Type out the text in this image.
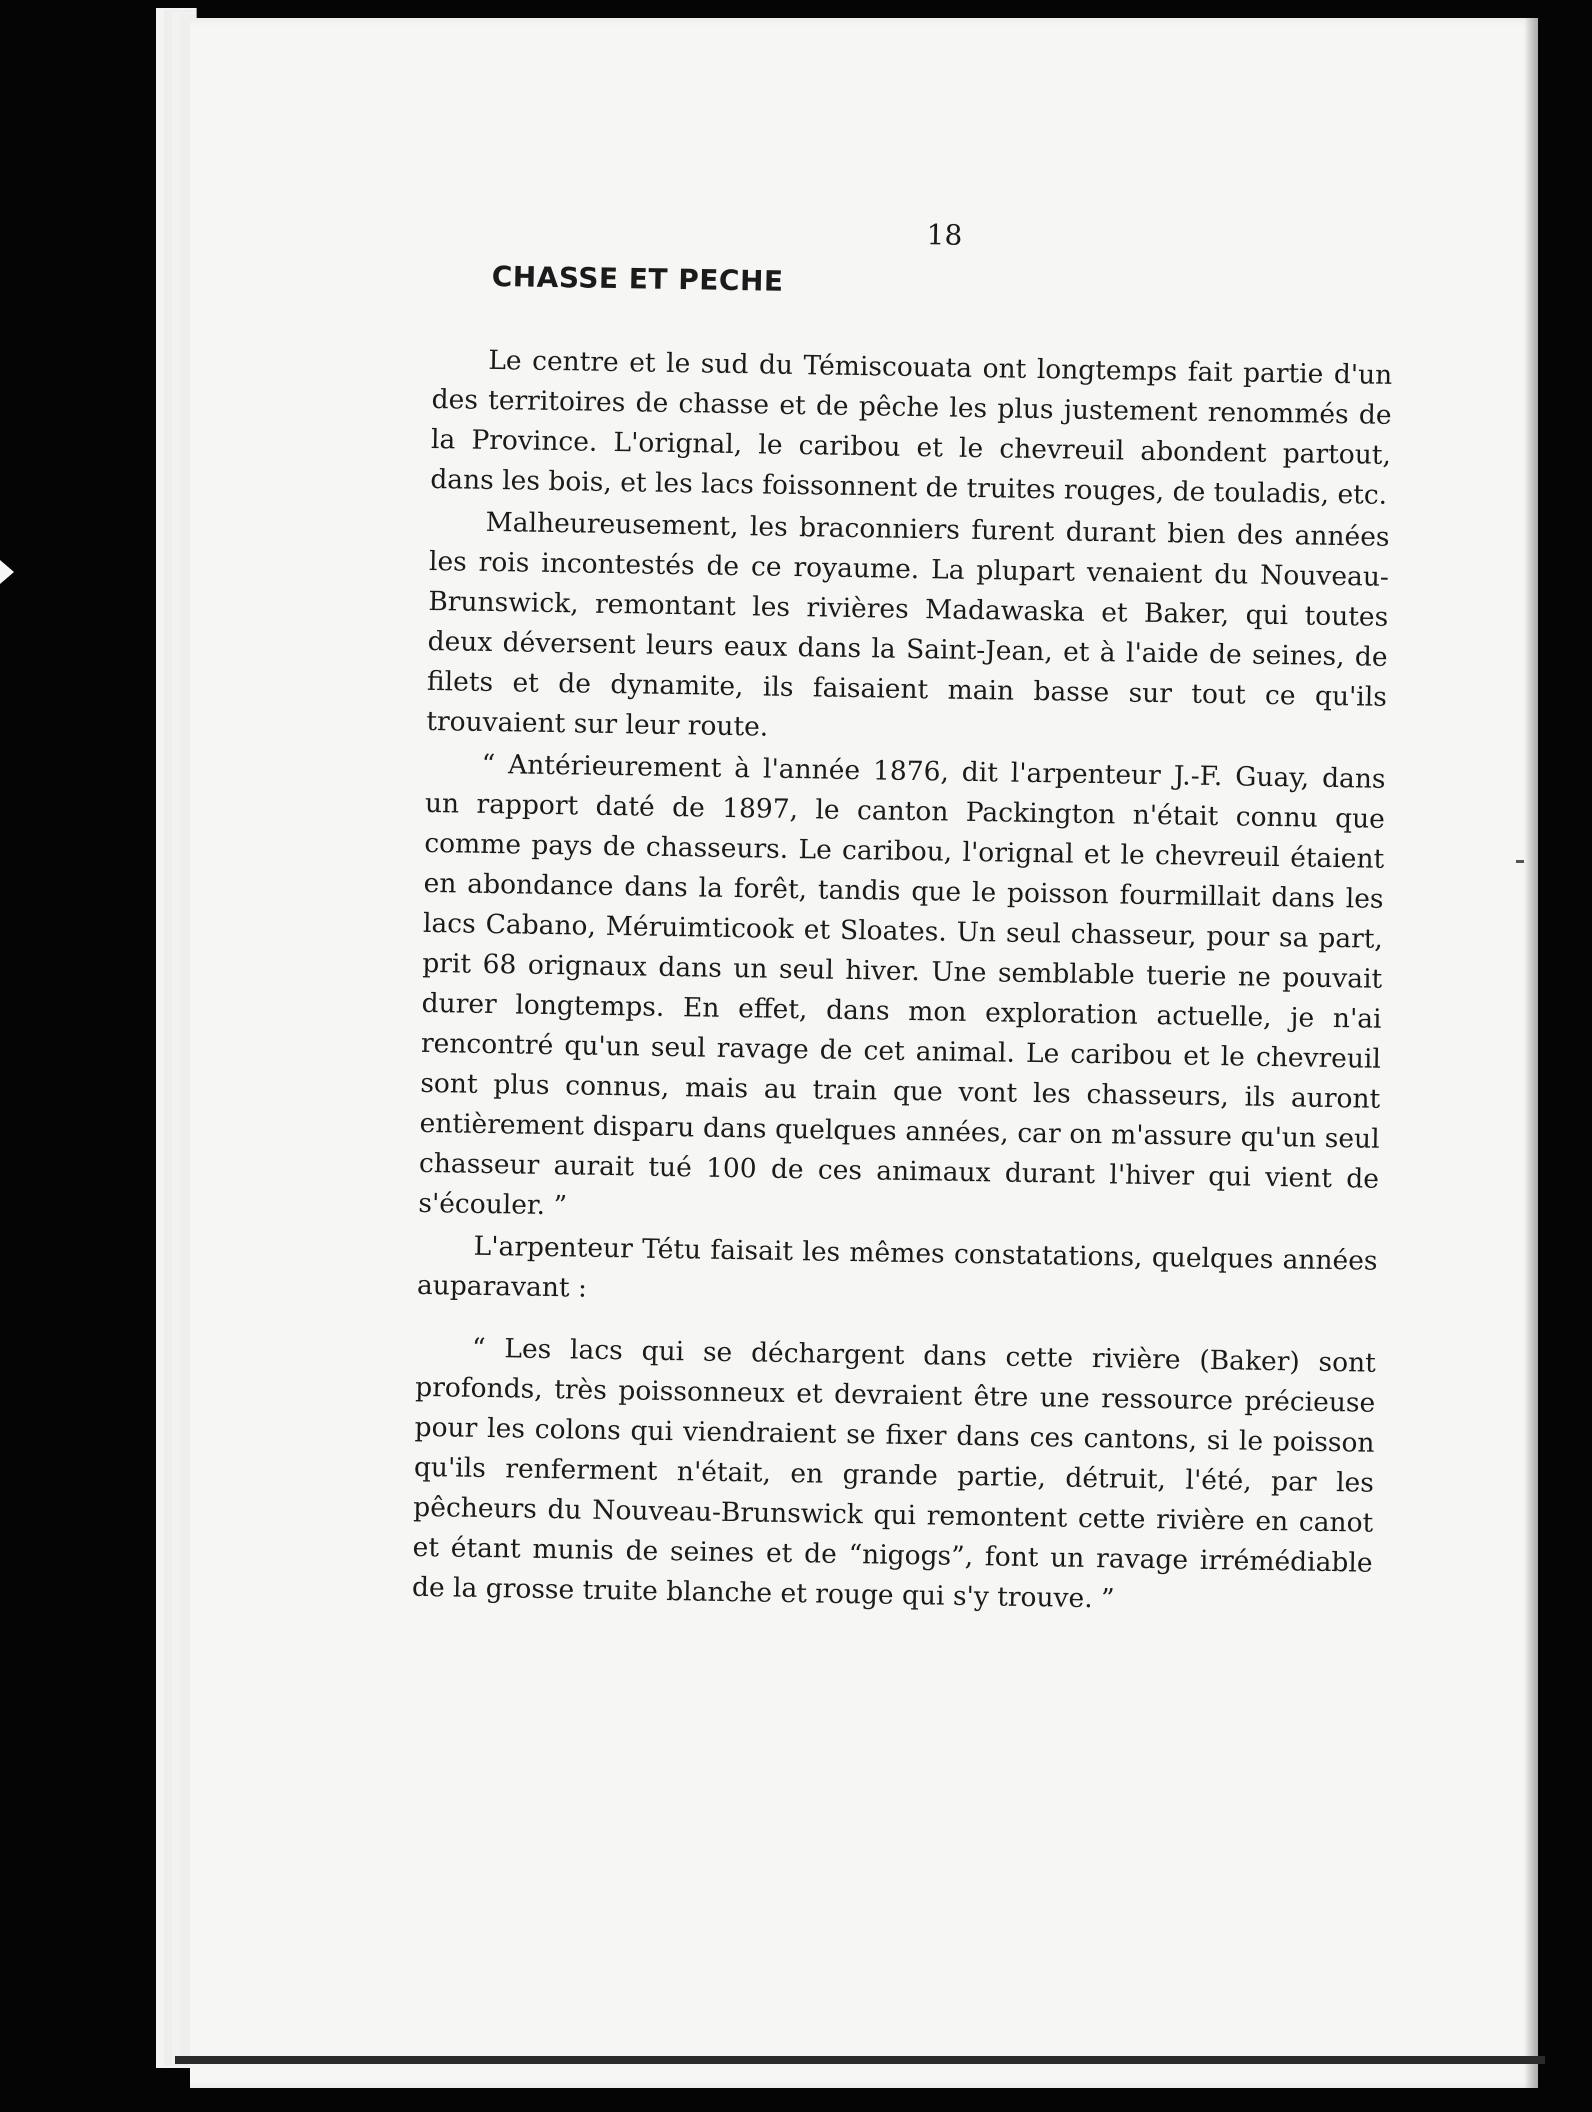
18
CHASSE ET PECHE

Le centre et le sud du Témiscouata ont longtemps fait partie d'un des territoires de chasse et de pêche les plus justement renommés de la Province. L'orignal, le caribou et le chevreuil abondent partout, dans les bois, et les lacs foissonnent de truites rouges, de touladis, etc.

Malheureusement, les braconniers furent durant bien des années les rois incontestés de ce royaume. La plupart venaient du Nouveau-Brunswick, remontant les rivières Madawaska et Baker, qui toutes deux déversent leurs eaux dans la Saint-Jean, et à l'aide de seines, de filets et de dynamite, ils faisaient main basse sur tout ce qu'ils trouvaient sur leur route.

“ Antérieurement à l'année 1876, dit l'arpenteur J.-F. Guay, dans un rapport daté de 1897, le canton Packington n'était connu que comme pays de chasseurs. Le caribou, l'orignal et le chevreuil étaient en abondance dans la forêt, tandis que le poisson fourmillait dans les lacs Cabano, Méruimticook et Sloates. Un seul chasseur, pour sa part, prit 68 orignaux dans un seul hiver. Une semblable tuerie ne pouvait durer longtemps. En effet, dans mon exploration actuelle, je n'ai rencontré qu'un seul ravage de cet animal. Le caribou et le chevreuil sont plus connus, mais au train que vont les chasseurs, ils auront entièrement disparu dans quelques années, car on m'assure qu'un seul chasseur aurait tué 100 de ces animaux durant l'hiver qui vient de s'écouler. ”

L'arpenteur Tétu faisait les mêmes constatations, quelques années auparavant :

“ Les lacs qui se déchargent dans cette rivière (Baker) sont profonds, très poissonneux et devraient être une ressource précieuse pour les colons qui viendraient se fixer dans ces cantons, si le poisson qu'ils renferment n'était, en grande partie, détruit, l'été, par les pêcheurs du Nouveau-Brunswick qui remontent cette rivière en canot et étant munis de seines et de “nigogs”, font un ravage irrémédiable de la grosse truite blanche et rouge qui s'y trouve. ”
